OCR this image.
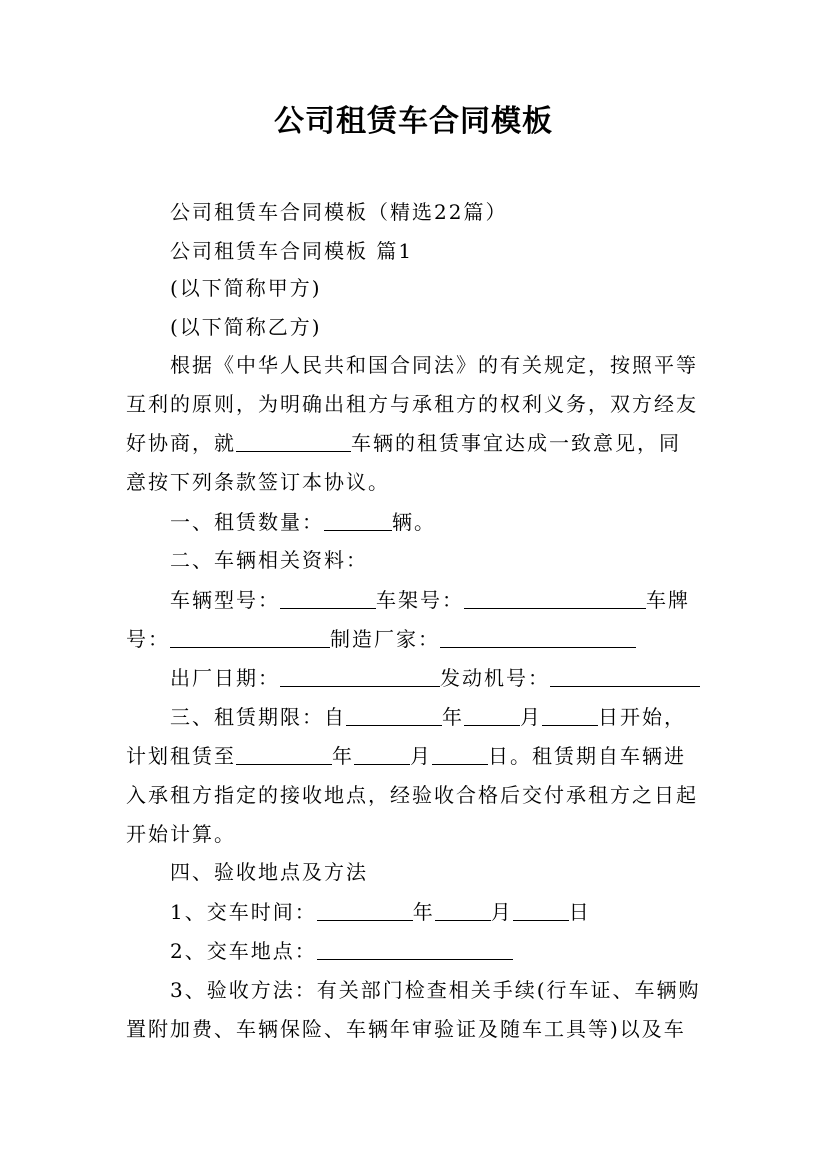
公司租赁车合同模板
公司租赁车合同模板（精选22篇）
公司租赁车合同模板 篇1
(以下简称甲方)
(以下简称乙方)
根据《中华人民共和国合同法》的有关规定，按照平等
互利的原则，为明确出租方与承租方的权利义务，双方经友
好协商，就	车辆的租赁事宜达成一致意见，同
意按下列条款签订本协议。
一、租赁数量：	辆。
二、车辆相关资料：
车辆型号：	车架号：	车牌
号：	制造厂家：
出厂日期：	发动机号：
三、租赁期限：自	年	月	日开始，
计划租赁至	年	月	日。租赁期自车辆进
入承租方指定的接收地点，经验收合格后交付承租方之日起
开始计算。
四、验收地点及方法
1、交车时间：	年	月	日
2、交车地点：
3、验收方法：有关部门检查相关手续(行车证、车辆购
置附加费、车辆保险、车辆年审验证及随车工具等)以及车
